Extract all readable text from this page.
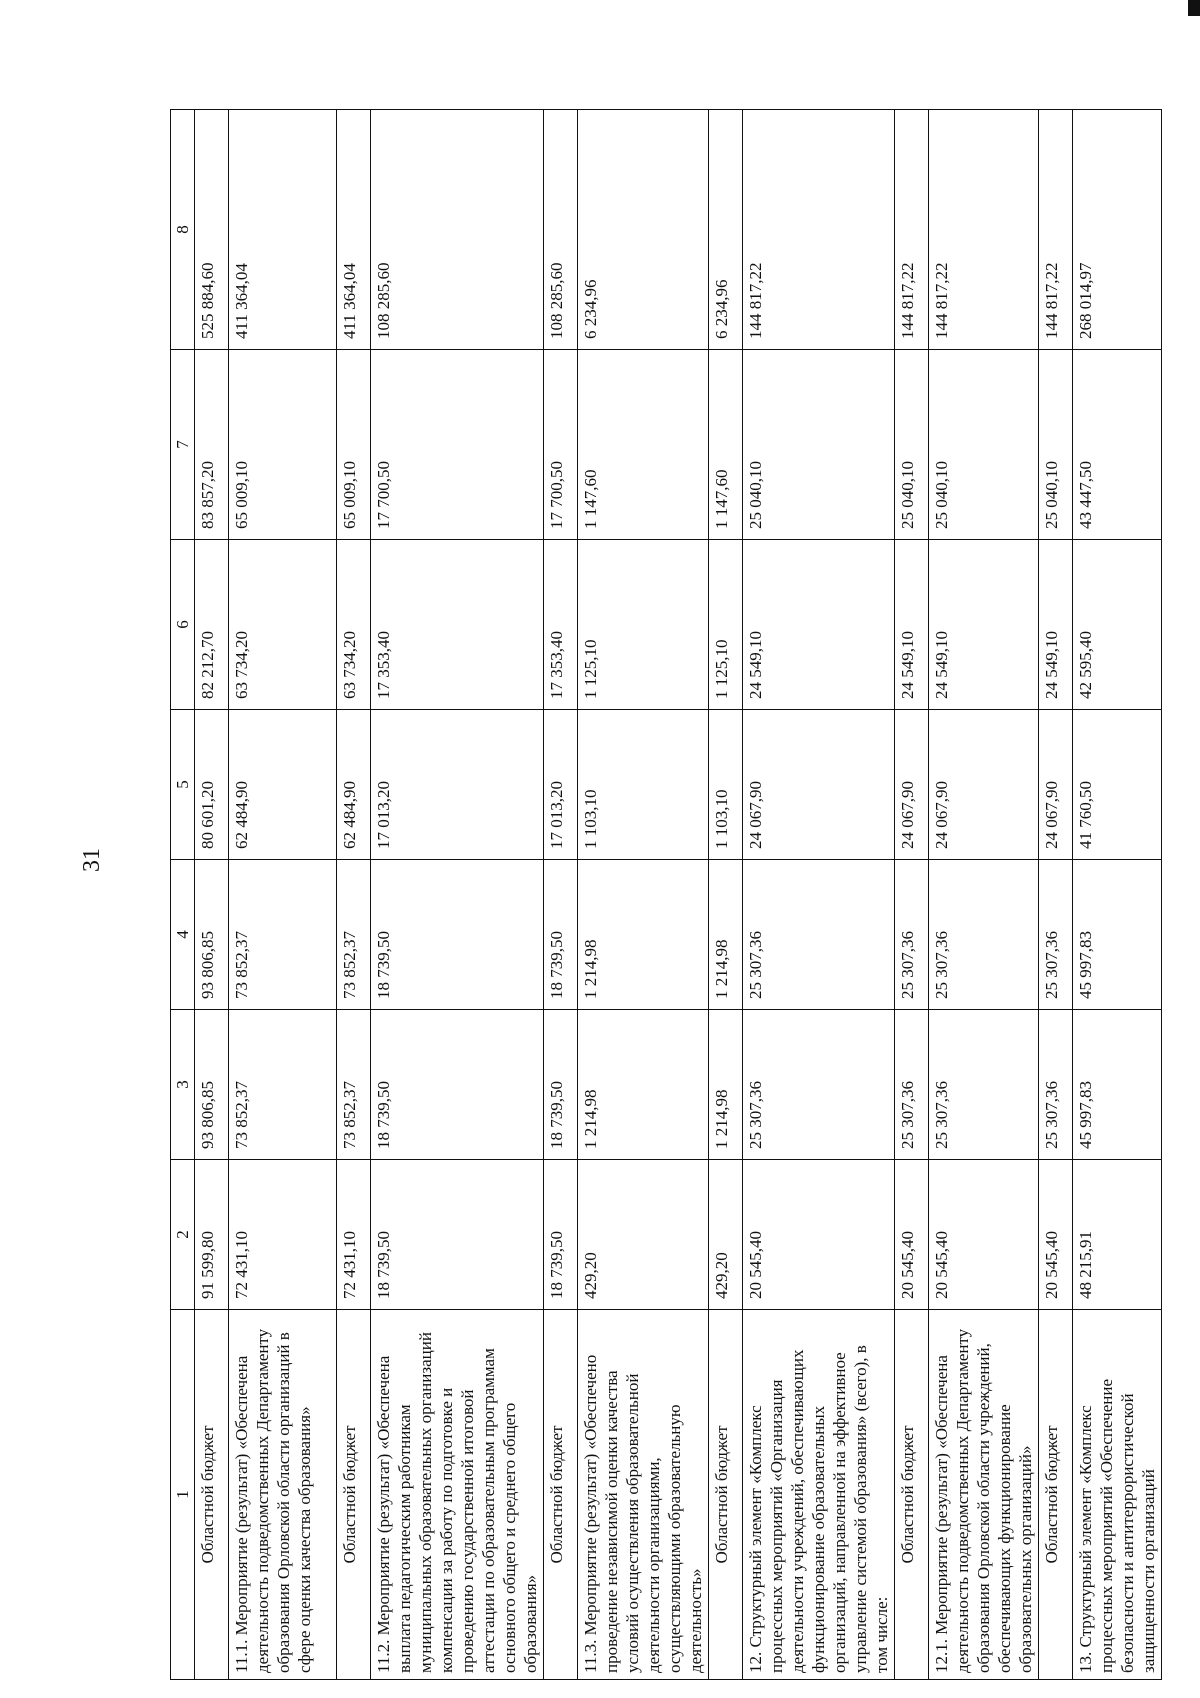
31
1	2	3	4	5	6	7	8
Областной бюджет	91 599,80	93 806,85	93 806,85	80 601,20	82 212,70	83 857,20	525 884,60
11.1. Мероприятие (результат) «Обеспечена деятельность подведомственных Департаменту образования Орловской области организаций в сфере оценки качества образования»	72 431,10	73 852,37	73 852,37	62 484,90	63 734,20	65 009,10	411 364,04
Областной бюджет	72 431,10	73 852,37	73 852,37	62 484,90	63 734,20	65 009,10	411 364,04
11.2. Мероприятие (результат) «Обеспечена выплата педагогическим работникам муниципальных образовательных организаций компенсации за работу по подготовке и проведению государственной итоговой аттестации по образовательным программам основного общего и среднего общего образования»	18 739,50	18 739,50	18 739,50	17 013,20	17 353,40	17 700,50	108 285,60
Областной бюджет	18 739,50	18 739,50	18 739,50	17 013,20	17 353,40	17 700,50	108 285,60
11.3. Мероприятие (результат) «Обеспечено проведение независимой оценки качества условий осуществления образовательной деятельности организациями, осуществляющими образовательную деятельность»	429,20	1 214,98	1 214,98	1 103,10	1 125,10	1 147,60	6 234,96
Областной бюджет	429,20	1 214,98	1 214,98	1 103,10	1 125,10	1 147,60	6 234,96
12. Структурный элемент «Комплекс процессных мероприятий «Организация деятельности учреждений, обеспечивающих функционирование образовательных организаций, направленной на эффективное управление системой образования» (всего), в том числе:	20 545,40	25 307,36	25 307,36	24 067,90	24 549,10	25 040,10	144 817,22
Областной бюджет	20 545,40	25 307,36	25 307,36	24 067,90	24 549,10	25 040,10	144 817,22
12.1. Мероприятие (результат) «Обеспечена деятельность подведомственных Департаменту образования Орловской области учреждений, обеспечивающих функционирование образовательных организаций»	20 545,40	25 307,36	25 307,36	24 067,90	24 549,10	25 040,10	144 817,22
Областной бюджет	20 545,40	25 307,36	25 307,36	24 067,90	24 549,10	25 040,10	144 817,22
13. Структурный элемент «Комплекс процессных мероприятий «Обеспечение безопасности и антитеррористической защищенности организаций	48 215,91	45 997,83	45 997,83	41 760,50	42 595,40	43 447,50	268 014,97
